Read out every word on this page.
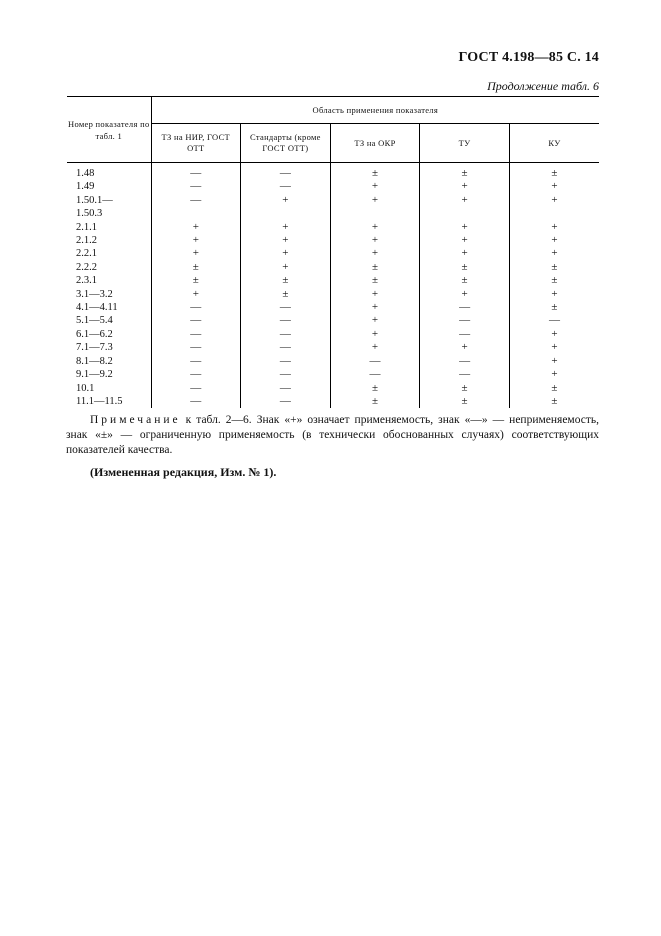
ГОСТ 4.198—85 С. 14
Продолжение табл. 6
Номер показателя по табл. 1	Область применения показателя				
	ТЗ на НИР, ГОСТ ОТТ	Стандарты (кроме ГОСТ ОТТ)	ТЗ на ОКР	ТУ	КУ
1.48	—	—	±	±	±
1.49	—	—	+	+	+
1.50.1—	—	+	+	+	+
1.50.3					
2.1.1	+	+	+	+	+
2.1.2	+	+	+	+	+
2.2.1	+	+	+	+	+
2.2.2	±	+	±	±	±
2.3.1	±	±	±	±	±
3.1—3.2	+	±	+	+	+
4.1—4.11	—	—	+	—	±
5.1—5.4	—	—	+	—	—
6.1—6.2	—	—	+	—	+
7.1—7.3	—	—	+	+	+
8.1—8.2	—	—	—	—	+
9.1—9.2	—	—	—	—	+
10.1	—	—	±	±	±
11.1—11.5	—	—	±	±	±
Примечание к табл. 2—6. Знак «+» означает применяемость, знак «—» — неприменяемость, знак «±» — ограниченную применяемость (в технически обоснованных случаях) соответствующих показателей качества.
(Измененная редакция, Изм. № 1).
